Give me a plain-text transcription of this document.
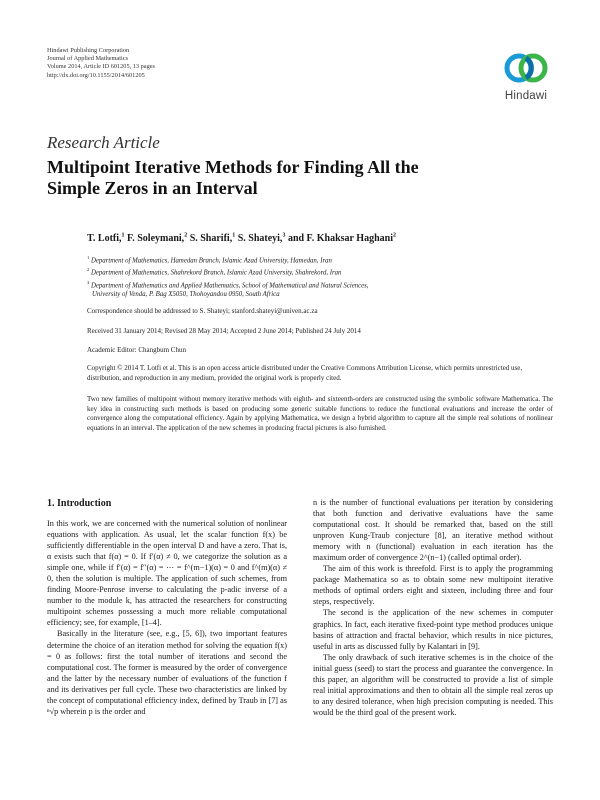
Hindawi Publishing Corporation
Journal of Applied Mathematics
Volume 2014, Article ID 601205, 13 pages
http://dx.doi.org/10.1155/2014/601205
Hindawi
Research Article
Multipoint Iterative Methods for Finding All the Simple Zeros in an Interval
T. Lotfi,$^1$ F. Soleymani,$^2$ S. Sharifi,$^1$ S. Shateyi,$^3$ and F. Khaksar Haghani$^2$
$^1$ Department of Mathematics, Hamedan Branch, Islamic Azad University, Hamedan, Iran
$^2$ Department of Mathematics, Shahrekord Branch, Islamic Azad University, Shahrekord, Iran
$^3$ Department of Mathematics and Applied Mathematics, School of Mathematical and Natural Sciences,
University of Venda, P. Bag X5050, Thohoyandou 0950, South Africa
Correspondence should be addressed to S. Shateyi; stanford.shateyi@univen.ac.za
Received 31 January 2014; Revised 28 May 2014; Accepted 2 June 2014; Published 24 July 2014
Academic Editor: Changbum Chun
Copyright © 2014 T. Lotfi et al. This is an open access article distributed under the Creative Commons Attribution License, which permits unrestricted use, distribution, and reproduction in any medium, provided the original work is properly cited.
Two new families of multipoint without memory iterative methods with eighth- and sixteenth-orders are constructed using the symbolic software Mathematica. The key idea in constructing such methods is based on producing some generic suitable functions to reduce the functional evaluations and increase the order of convergence along the computational efficiency. Again by applying Mathematica, we design a hybrid algorithm to capture all the simple real solutions of nonlinear equations in an interval. The application of the new schemes in producing fractal pictures is also furnished.
1. Introduction

In this work, we are concerned with the numerical solution of nonlinear equations with application. As usual, let the scalar function f(x) be sufficiently differentiable in the open interval D and have a zero. That is, α exists such that f(α) = 0. If f′(α) ≠ 0, we categorize the solution as a simple one, while if f′(α) = f′′(α) = ⋯ = f^(m−1)(α) = 0 and f^(m)(α) ≠ 0, then the solution is multiple. The application of such schemes, from finding Moore-Penrose inverse to calculating the p-adic inverse of a number to the module k, has attracted the researchers for constructing multipoint schemes possessing a much more reliable computational efficiency; see, for example, [1–4].

Basically in the literature (see, e.g., [5, 6]), two important features determine the choice of an iteration method for solving the equation f(x) = 0 as follows: first the total number of iterations and second the computational cost. The former is measured by the order of convergence and the latter by the necessary number of evaluations of the function f and its derivatives per full cycle. These two characteristics are linked by the concept of computational efficiency index, defined by Traub in [7] as ⁿ√p wherein p is the order and

n is the number of functional evaluations per iteration by considering that both function and derivative evaluations have the same computational cost. It should be remarked that, based on the still unproven Kung-Traub conjecture [8], an iterative method without memory with n (functional) evaluation in each iteration has the maximum order of convergence 2^(n−1) (called optimal order).

The aim of this work is threefold. First is to apply the programming package Mathematica so as to obtain some new multipoint iterative methods of optimal orders eight and sixteen, including three and four steps, respectively.

The second is the application of the new schemes in computer graphics. In fact, each iterative fixed-point type method produces unique basins of attraction and fractal behavior, which results in nice pictures, useful in arts as discussed fully by Kalantari in [9].

The only drawback of such iterative schemes is in the choice of the initial guess (seed) to start the process and guarantee the convergence. In this paper, an algorithm will be constructed to provide a list of simple real initial approximations and then to obtain all the simple real zeros up to any desired tolerance, when high precision computing is needed. This would be the third goal of the present work.
